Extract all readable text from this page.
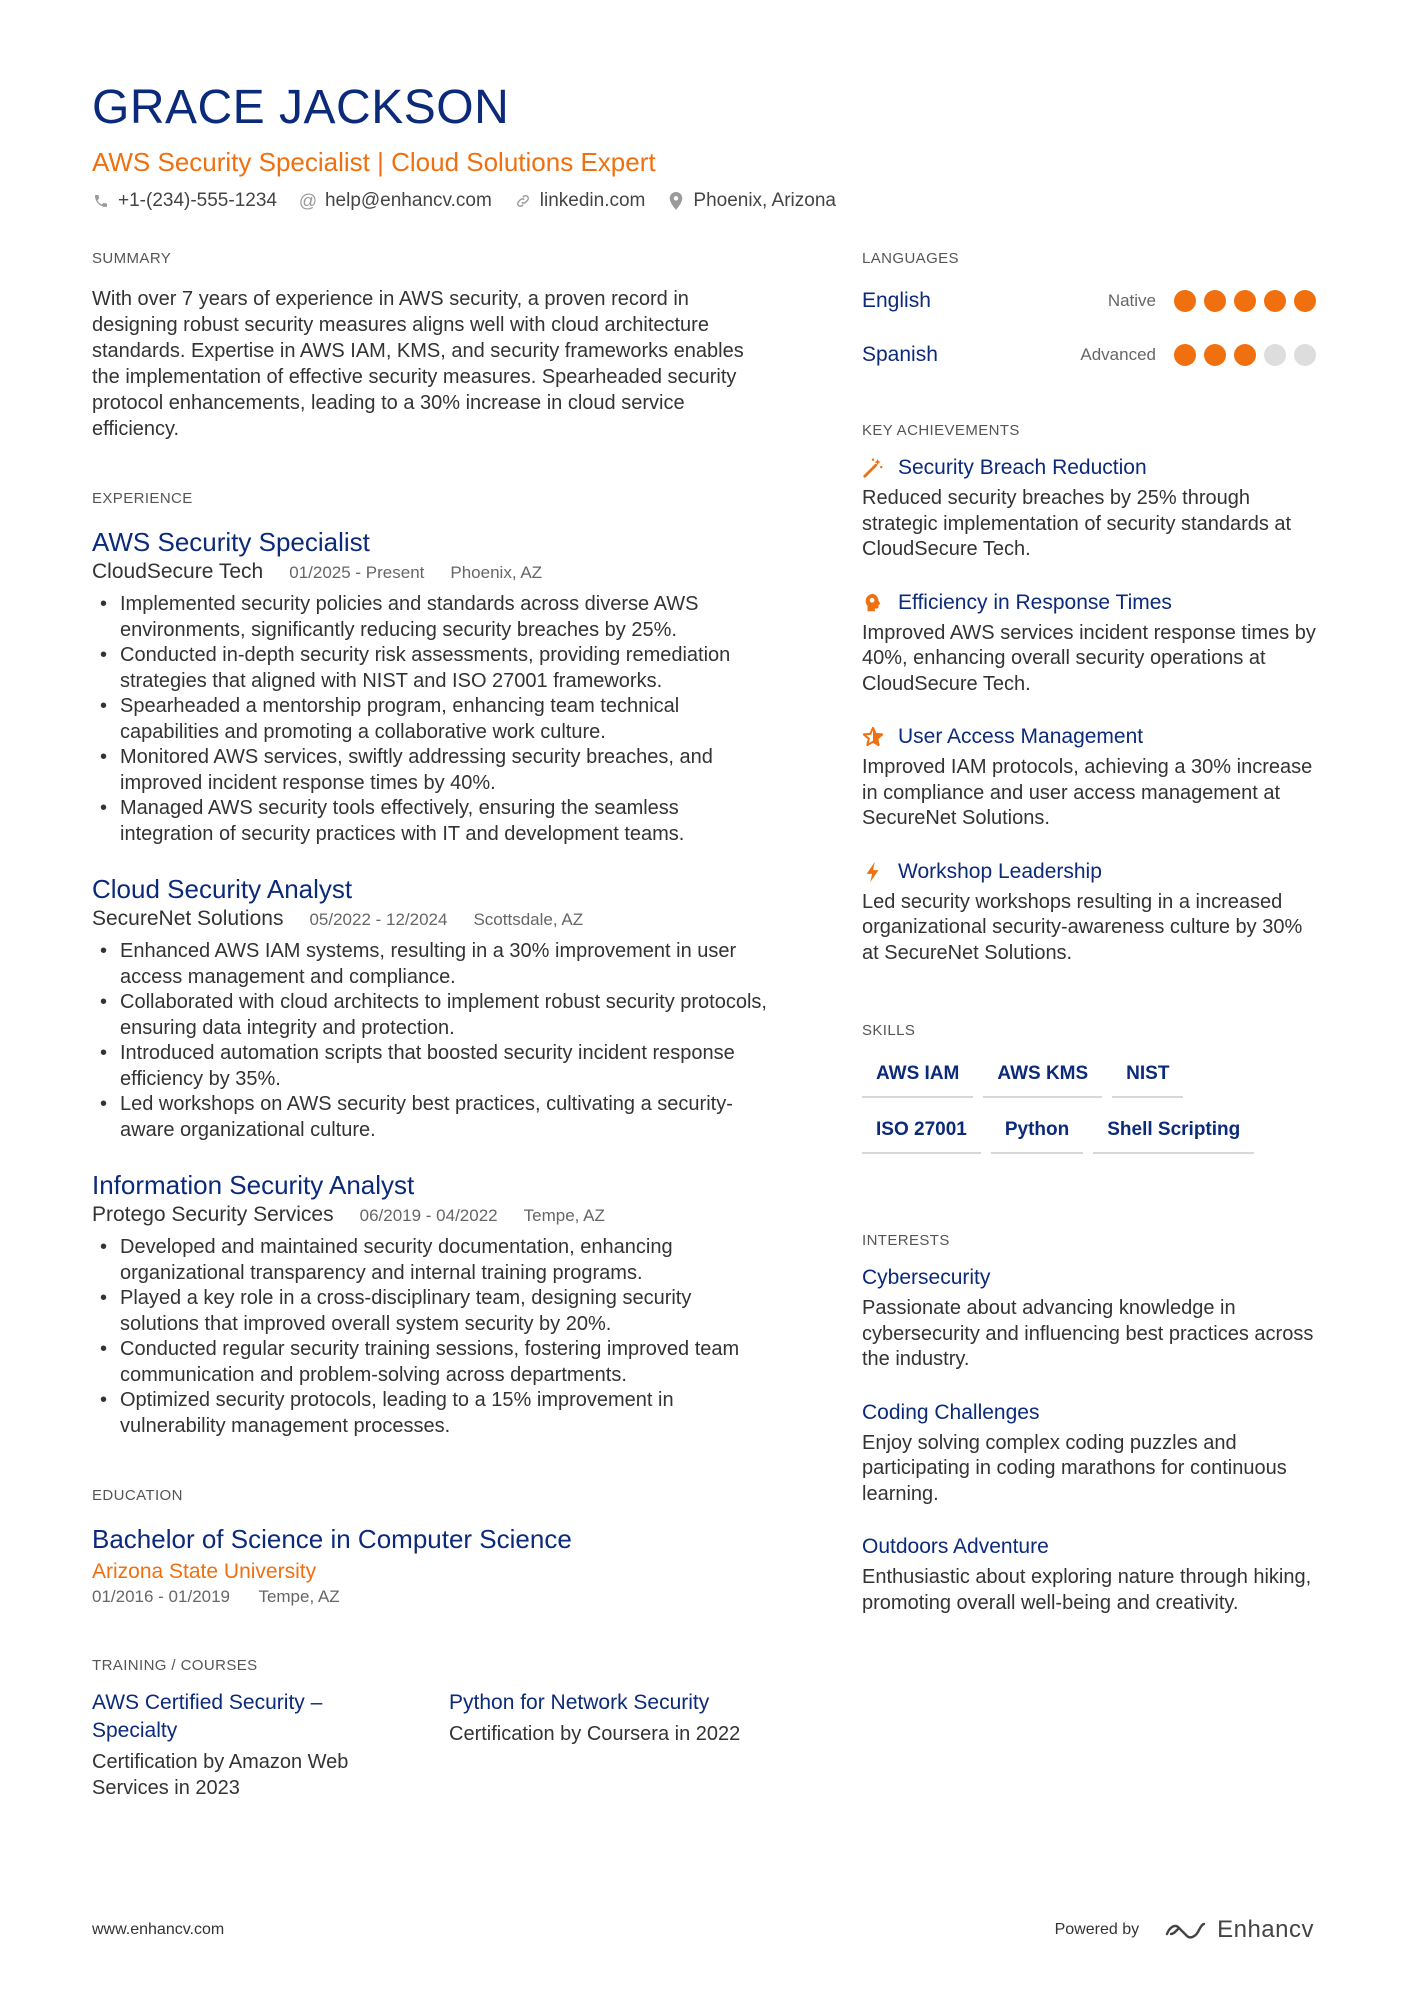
GRACE JACKSON
AWS Security Specialist | Cloud Solutions Expert
+1-(234)-555-1234 @ help@enhancv.com	linkedin.com	Phoenix, Arizona
SUMMARY
With over 7 years of experience in AWS security, a proven record in designing robust security measures aligns well with cloud architecture standards. Expertise in AWS IAM, KMS, and security frameworks enables the implementation of effective security measures. Spearheaded security protocol enhancements, leading to a 30% increase in cloud service efficiency.
EXPERIENCE
AWS Security Specialist
CloudSecure Tech 01/2025 - Present Phoenix, AZ
• Implemented security policies and standards across diverse AWS environments, significantly reducing security breaches by 25%.
• Conducted in-depth security risk assessments, providing remediation strategies that aligned with NIST and ISO 27001 frameworks.
• Spearheaded a mentorship program, enhancing team technical capabilities and promoting a collaborative work culture.
• Monitored AWS services, swiftly addressing security breaches, and improved incident response times by 40%.
• Managed AWS security tools effectively, ensuring the seamless integration of security practices with IT and development teams.
Cloud Security Analyst
SecureNet Solutions 05/2022 - 12/2024 Scottsdale, AZ
• Enhanced AWS IAM systems, resulting in a 30% improvement in user access management and compliance.
• Collaborated with cloud architects to implement robust security protocols, ensuring data integrity and protection.
• Introduced automation scripts that boosted security incident response efficiency by 35%.
• Led workshops on AWS security best practices, cultivating a security-aware organizational culture.
Information Security Analyst
Protego Security Services 06/2019 - 04/2022 Tempe, AZ
• Developed and maintained security documentation, enhancing organizational transparency and internal training programs.
• Played a key role in a cross-disciplinary team, designing security solutions that improved overall system security by 20%.
• Conducted regular security training sessions, fostering improved team communication and problem-solving across departments.
• Optimized security protocols, leading to a 15% improvement in vulnerability management processes.
EDUCATION
Bachelor of Science in Computer Science
Arizona State University
01/2016 - 01/2019 Tempe, AZ
TRAINING / COURSES
AWS Certified Security – Specialty
Certification by Amazon Web Services in 2023
Python for Network Security
Certification by Coursera in 2022
LANGUAGES
English	Native
Spanish	Advanced
KEY ACHIEVEMENTS
Security Breach Reduction
Reduced security breaches by 25% through strategic implementation of security standards at CloudSecure Tech.
Efficiency in Response Times
Improved AWS services incident response times by 40%, enhancing overall security operations at CloudSecure Tech.
User Access Management
Improved IAM protocols, achieving a 30% increase in compliance and user access management at SecureNet Solutions.
Workshop Leadership
Led security workshops resulting in a increased organizational security-awareness culture by 30% at SecureNet Solutions.
SKILLS
AWS IAM	AWS KMS	NIST
ISO 27001	Python	Shell Scripting
INTERESTS
Cybersecurity
Passionate about advancing knowledge in cybersecurity and influencing best practices across the industry.
Coding Challenges
Enjoy solving complex coding puzzles and participating in coding marathons for continuous learning.
Outdoors Adventure
Enthusiastic about exploring nature through hiking, promoting overall well-being and creativity.
www.enhancv.com	Powered by	Enhancv
